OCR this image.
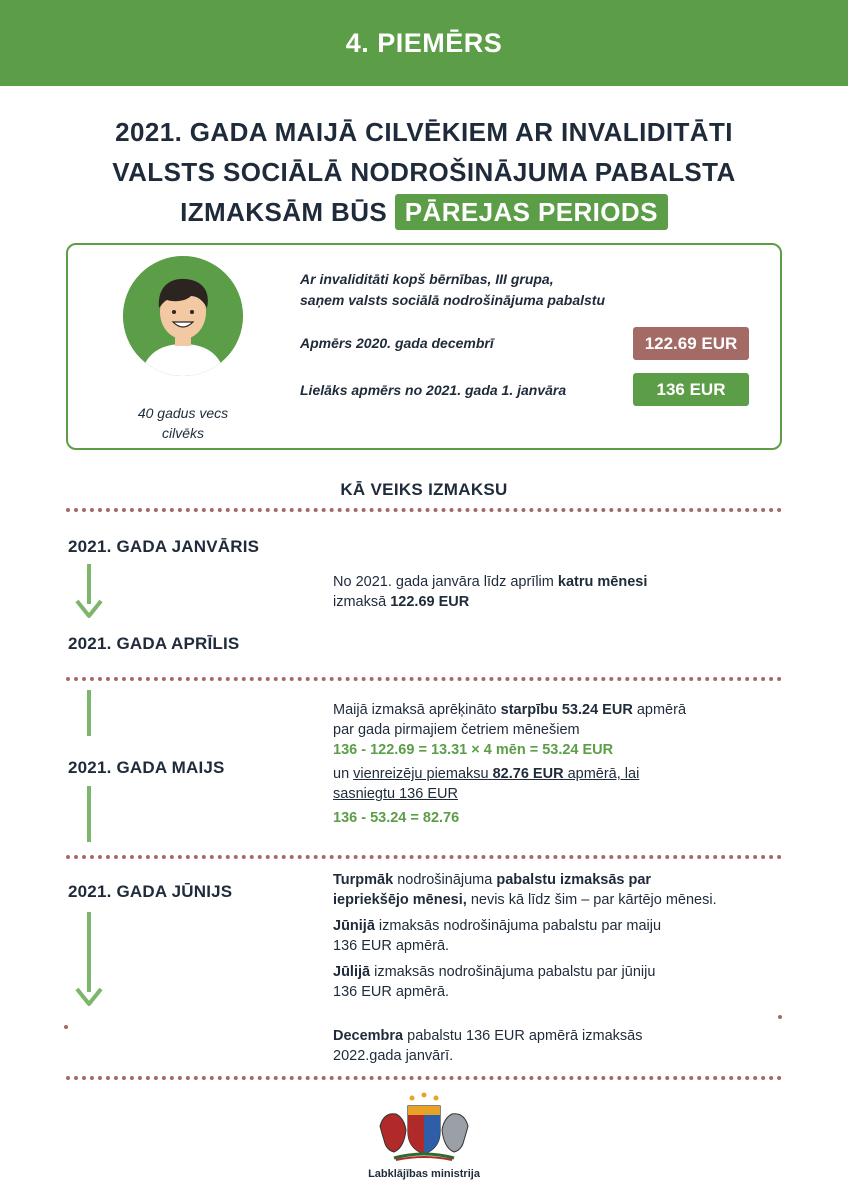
4. PIEMĒRS
2021. GADA MAIJĀ CILVĒKIEM AR INVALIDITĀTI
VALSTS SOCIĀLĀ NODROŠINĀJUMA PABALSTA
IZMAKSĀM BŪS PĀREJAS PERIODS
40 gadus vecs
cilvēks
Ar invaliditāti kopš bērnības, III grupa,
saņem valsts sociālā nodrošinājuma pabalstu
Apmērs 2020. gada decembrī	122.69 EUR
Lielāks apmērs no 2021. gada 1. janvāra	136 EUR
KĀ VEIKS IZMAKSU
2021. GADA JANVĀRIS
No 2021. gada janvāra līdz aprīlim katru mēnesi
izmaksā 122.69 EUR
2021. GADA APRĪLIS
2021. GADA MAIJS
Maijā izmaksā aprēķināto starpību 53.24 EUR apmērā
par gada pirmajiem četriem mēnešiem
136 - 122.69 = 13.31 × 4 mēn = 53.24 EUR
un vienreizēju piemaksu 82.76 EUR apmērā, lai
sasniegtu 136 EUR
136 - 53.24 = 82.76
2021. GADA JŪNIJS
Turpmāk nodrošinājuma pabalstu izmaksās par
iepriekšējo mēnesi, nevis kā līdz šim – par kārtējo mēnesi.
Jūnijā izmaksās nodrošinājuma pabalstu par maiju
136 EUR apmērā.
Jūlijā izmaksās nodrošinājuma pabalstu par jūniju
136 EUR apmērā.
Decembra pabalstu 136 EUR apmērā izmaksās
2022.gada janvārī.
Labklājības ministrija
